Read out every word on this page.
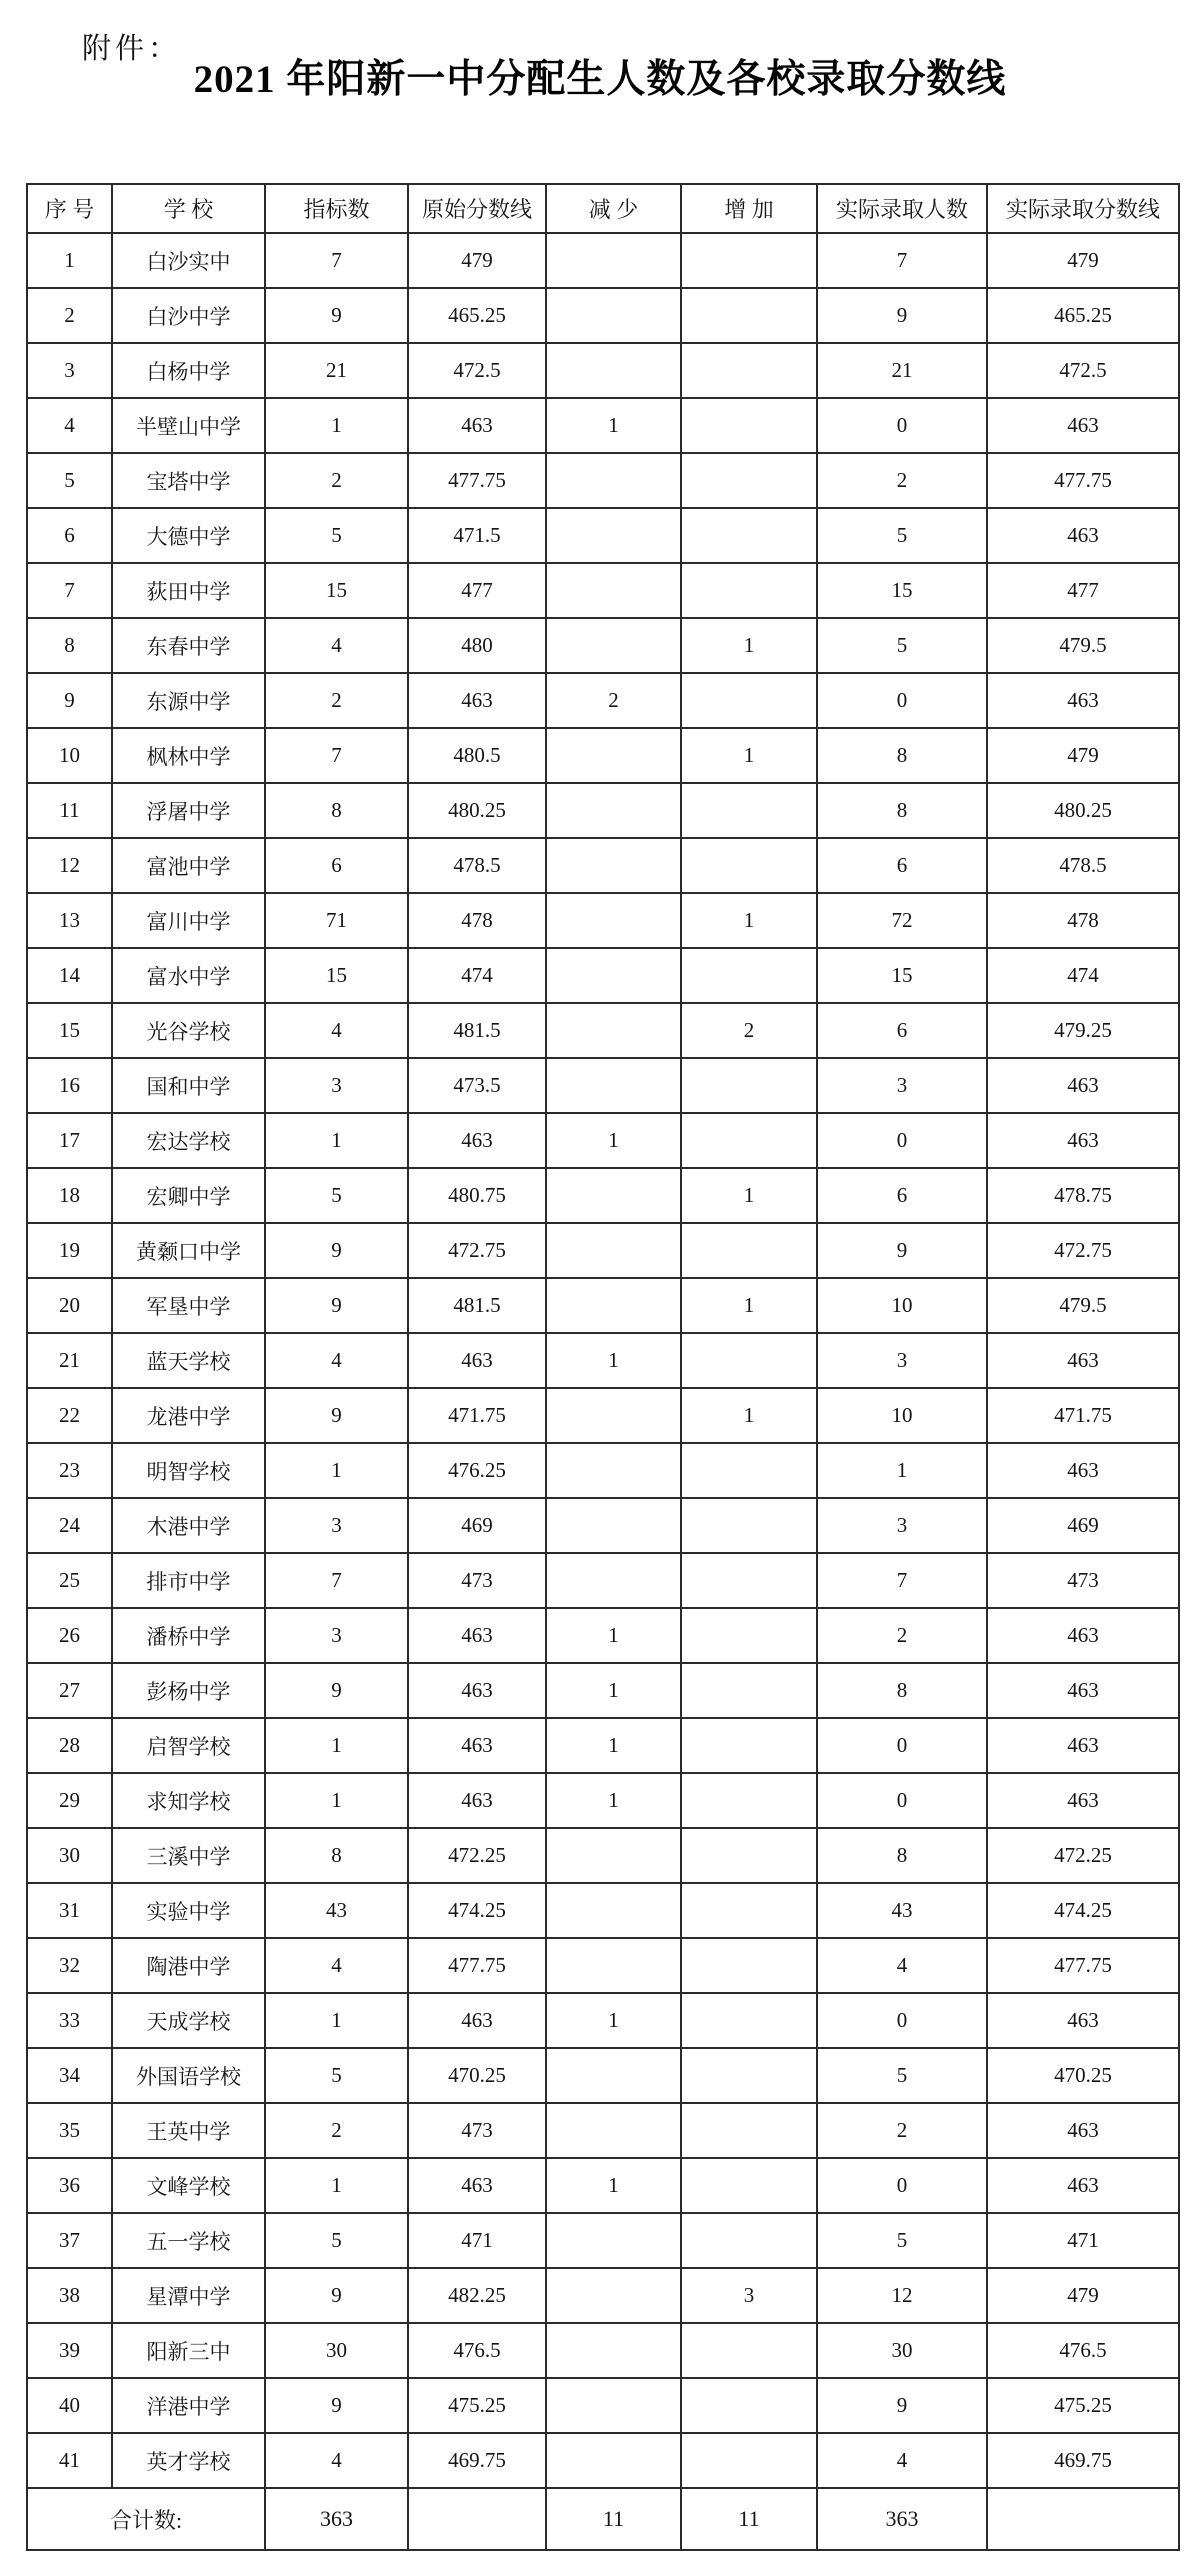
附件：
2021 年阳新一中分配生人数及各校录取分数线
序 号	学 校	指标数	原始分数线	减 少	增 加	实际录取人数	实际录取分数线
1	白沙实中	7	479			7	479
2	白沙中学	9	465.25			9	465.25
3	白杨中学	21	472.5			21	472.5
4	半壁山中学	1	463	1		0	463
5	宝塔中学	2	477.75			2	477.75
6	大德中学	5	471.5			5	463
7	荻田中学	15	477			15	477
8	东春中学	4	480		1	5	479.5
9	东源中学	2	463	2		0	463
10	枫林中学	7	480.5		1	8	479
11	浮屠中学	8	480.25			8	480.25
12	富池中学	6	478.5			6	478.5
13	富川中学	71	478		1	72	478
14	富水中学	15	474			15	474
15	光谷学校	4	481.5		2	6	479.25
16	国和中学	3	473.5			3	463
17	宏达学校	1	463	1		0	463
18	宏卿中学	5	480.75		1	6	478.75
19	黄颡口中学	9	472.75			9	472.75
20	军垦中学	9	481.5		1	10	479.5
21	蓝天学校	4	463	1		3	463
22	龙港中学	9	471.75		1	10	471.75
23	明智学校	1	476.25			1	463
24	木港中学	3	469			3	469
25	排市中学	7	473			7	473
26	潘桥中学	3	463	1		2	463
27	彭杨中学	9	463	1		8	463
28	启智学校	1	463	1		0	463
29	求知学校	1	463	1		0	463
30	三溪中学	8	472.25			8	472.25
31	实验中学	43	474.25			43	474.25
32	陶港中学	4	477.75			4	477.75
33	天成学校	1	463	1		0	463
34	外国语学校	5	470.25			5	470.25
35	王英中学	2	473			2	463
36	文峰学校	1	463	1		0	463
37	五一学校	5	471			5	471
38	星潭中学	9	482.25		3	12	479
39	阳新三中	30	476.5			30	476.5
40	洋港中学	9	475.25			9	475.25
41	英才学校	4	469.75			4	469.75
合计数:		363		11	11	363	
